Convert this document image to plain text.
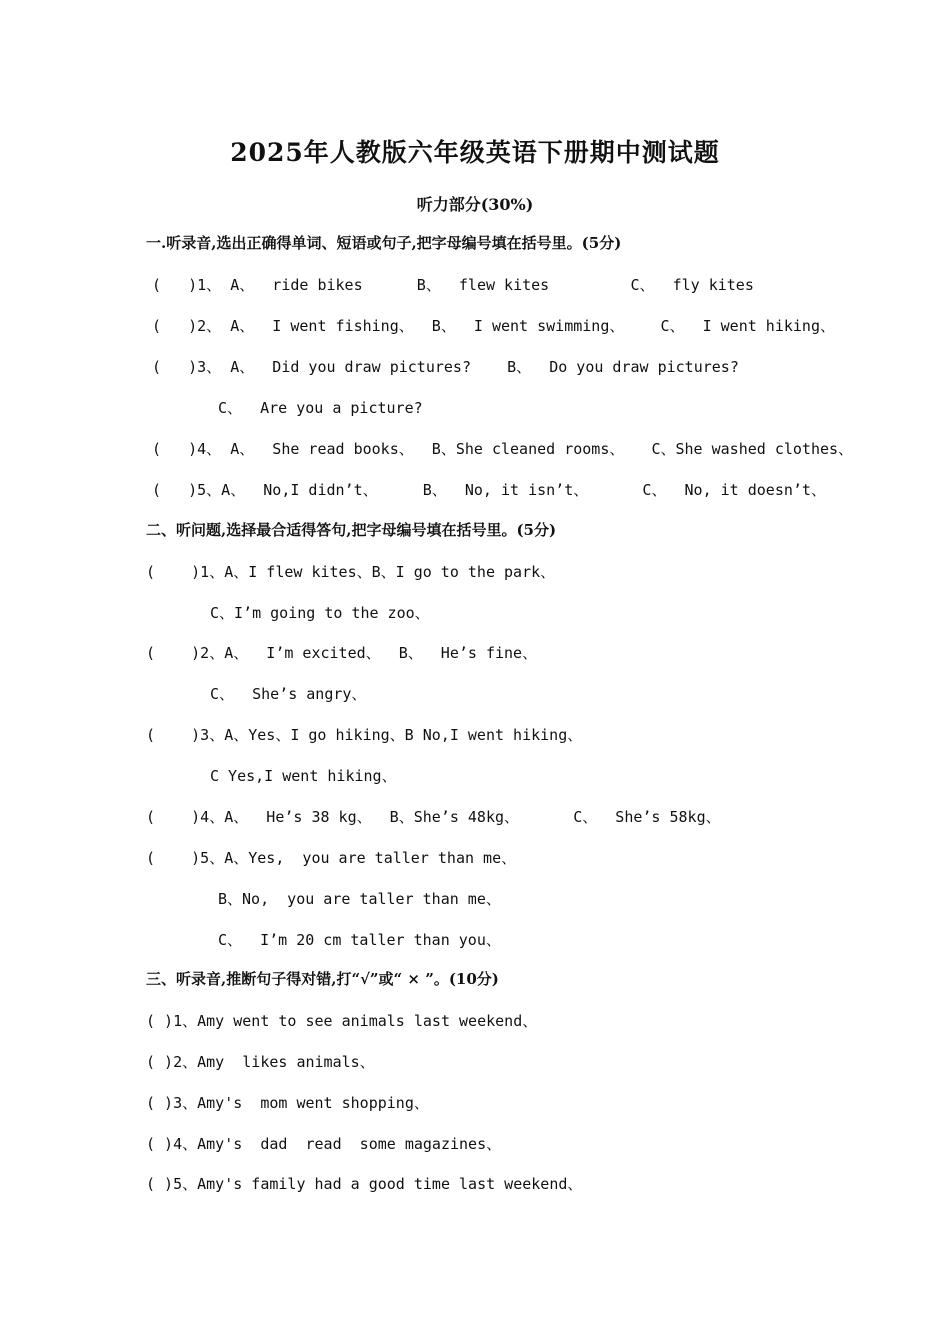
2025年人教版六年级英语下册期中测试题
听力部分(30%)
一.听录音,选出正确得单词、短语或句子,把字母编号填在括号里。(5分)
(   )1、 A、  ride bikes      B、  flew kites         C、  fly kites
(   )2、 A、  I went fishing、  B、  I went swimming、    C、  I went hiking、
(   )3、 A、  Did you draw pictures?    B、  Do you draw pictures?
C、  Are you a picture?
(   )4、 A、  She read books、  B、She cleaned rooms、   C、She washed clothes、
(   )5、A、  No,I didn’t、     B、  No, it isn’t、      C、  No, it doesn’t、
二、听问题,选择最合适得答句,把字母编号填在括号里。(5分)
(    )1、A、I flew kites、B、I go to the park、
C、I’m going to the zoo、
(    )2、A、  I’m excited、  B、  He’s fine、
C、  She’s angry、
(    )3、A、Yes、I go hiking、B No,I went hiking、
C Yes,I went hiking、
(    )4、A、  He’s 38 kg、  B、She’s 48kg、      C、  She’s 58kg、
(    )5、A、Yes,  you are taller than me、
B、No,  you are taller than me、
C、  I’m 20 cm taller than you、
三、听录音,推断句子得对错,打“√”或“ × ”。(10分)
( )1、Amy went to see animals last weekend、
( )2、Amy  likes animals、
( )3、Amy's  mom went shopping、
( )4、Amy's  dad  read  some magazines、
( )5、Amy's family had a good time last weekend、
